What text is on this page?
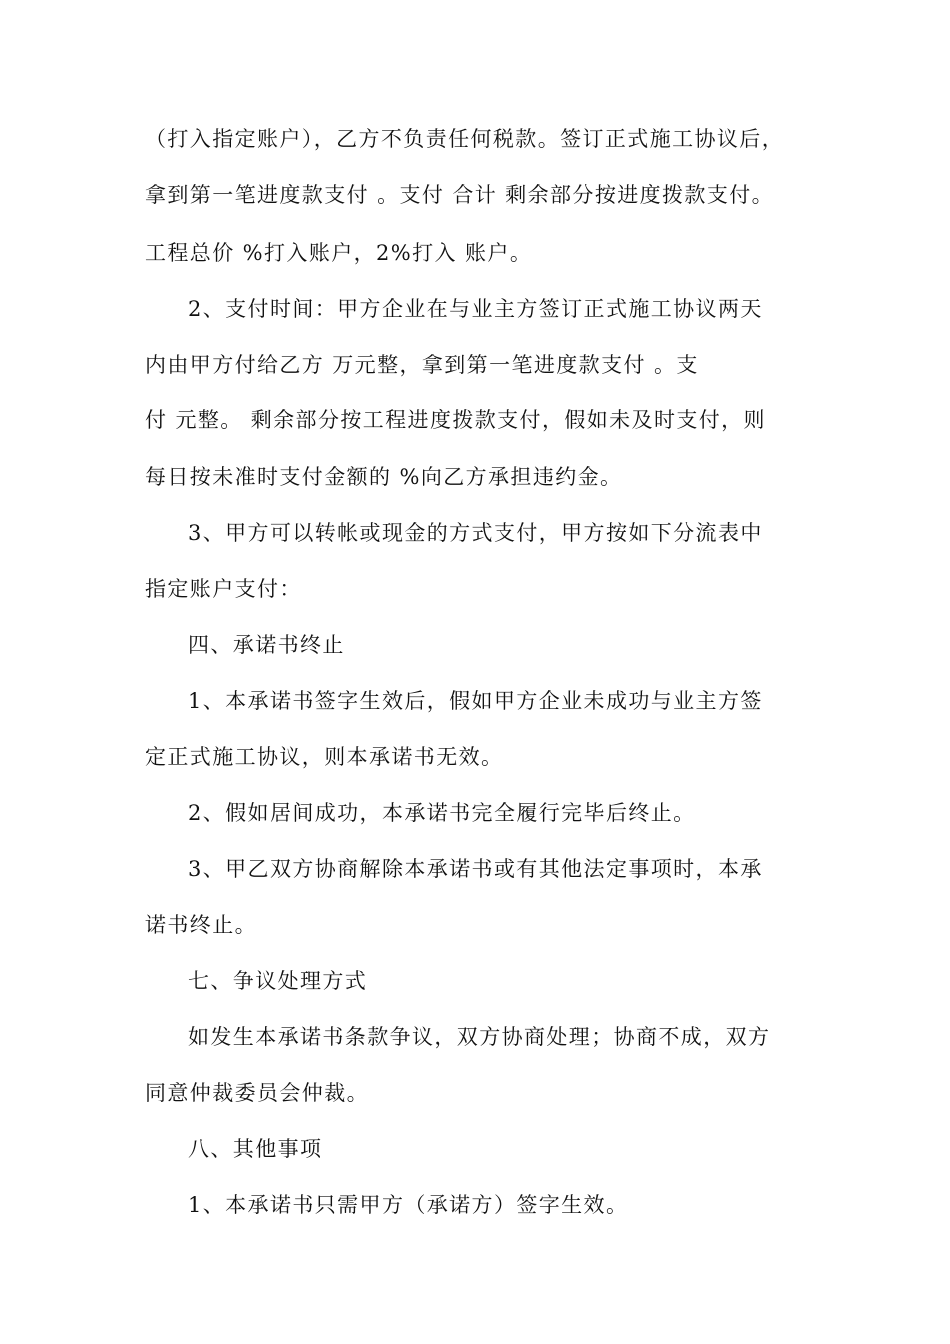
（打入指定账户），乙方不负责任何税款。签订正式施工协议后，
拿到第一笔进度款支付 。支付 合计 剩余部分按进度拨款支付。
工程总价 %打入账户，2%打入 账户。
2、支付时间：甲方企业在与业主方签订正式施工协议两天
内由甲方付给乙方 万元整，拿到第一笔进度款支付 。支
付 元整。 剩余部分按工程进度拨款支付，假如未及时支付，则
每日按未准时支付金额的 %向乙方承担违约金。
3、甲方可以转帐或现金的方式支付，甲方按如下分流表中
指定账户支付：
四、承诺书终止
1、本承诺书签字生效后，假如甲方企业未成功与业主方签
定正式施工协议，则本承诺书无效。
2、假如居间成功，本承诺书完全履行完毕后终止。
3、甲乙双方协商解除本承诺书或有其他法定事项时，本承
诺书终止。
七、争议处理方式
如发生本承诺书条款争议，双方协商处理；协商不成，双方
同意仲裁委员会仲裁。
八、其他事项
1、本承诺书只需甲方（承诺方）签字生效。
